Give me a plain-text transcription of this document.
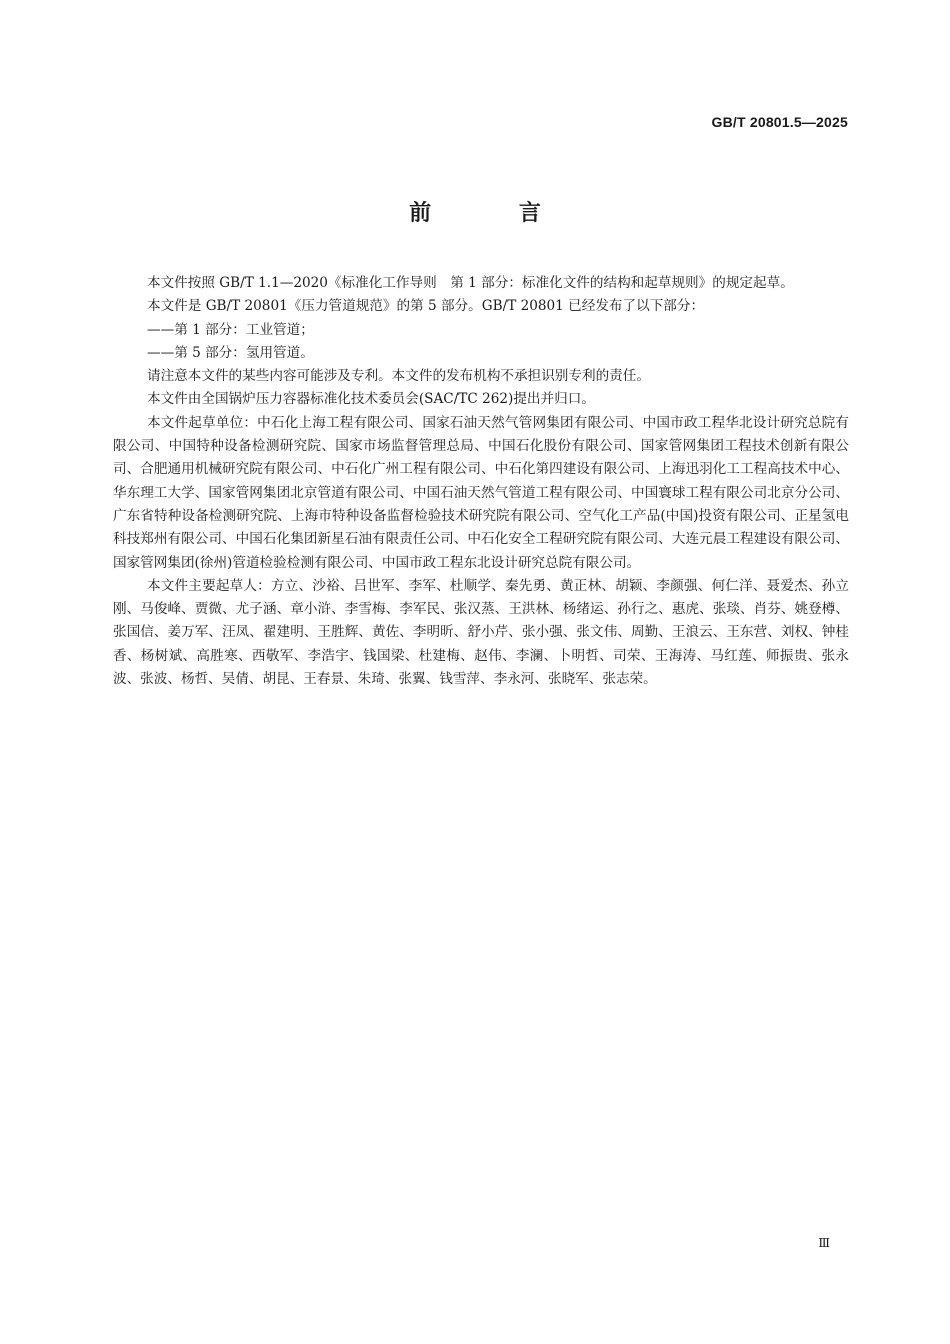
GB/T 20801.5—2025
前 言

本文件按照 GB/T 1.1—2020《标准化工作导则　第 1 部分：标准化文件的结构和起草规则》的规定起草。

本文件是 GB/T 20801《压力管道规范》的第 5 部分。GB/T 20801 已经发布了以下部分：

——第 1 部分：工业管道；

——第 5 部分：氢用管道。

请注意本文件的某些内容可能涉及专利。本文件的发布机构不承担识别专利的责任。

本文件由全国锅炉压力容器标准化技术委员会(SAC/TC 262)提出并归口。

本文件起草单位：中石化上海工程有限公司、国家石油天然气管网集团有限公司、中国市政工程华北设计研究总院有限公司、中国特种设备检测研究院、国家市场监督管理总局、中国石化股份有限公司、国家管网集团工程技术创新有限公司、合肥通用机械研究院有限公司、中石化广州工程有限公司、中石化第四建设有限公司、上海迅羽化工工程高技术中心、华东理工大学、国家管网集团北京管道有限公司、中国石油天然气管道工程有限公司、中国寰球工程有限公司北京分公司、广东省特种设备检测研究院、上海市特种设备监督检验技术研究院有限公司、空气化工产品(中国)投资有限公司、正星氢电科技郑州有限公司、中国石化集团新星石油有限责任公司、中石化安全工程研究院有限公司、大连元晨工程建设有限公司、国家管网集团(徐州)管道检验检测有限公司、中国市政工程东北设计研究总院有限公司。

本文件主要起草人：方立、沙裕、吕世军、李军、杜顺学、秦先勇、黄正林、胡颖、李颜强、何仁洋、聂爱杰、孙立刚、马俊峰、贾微、尤子涵、章小浒、李雪梅、李军民、张汉蒸、王洪林、杨绪运、孙行之、惠虎、张琰、肖芬、姚登樽、张国信、姜万军、汪凤、翟建明、王胜辉、黄佐、李明昕、舒小芹、张小强、张文伟、周勤、王浪云、王东营、刘权、钟桂香、杨树斌、高胜寒、西敬军、李浩宇、钱国梁、杜建梅、赵伟、李澜、卜明哲、司荣、王海涛、马红莲、师振贵、张永波、张波、杨哲、吴倩、胡昆、王春景、朱琦、张翼、钱雪萍、李永河、张晓军、张志荣。

Ⅲ
